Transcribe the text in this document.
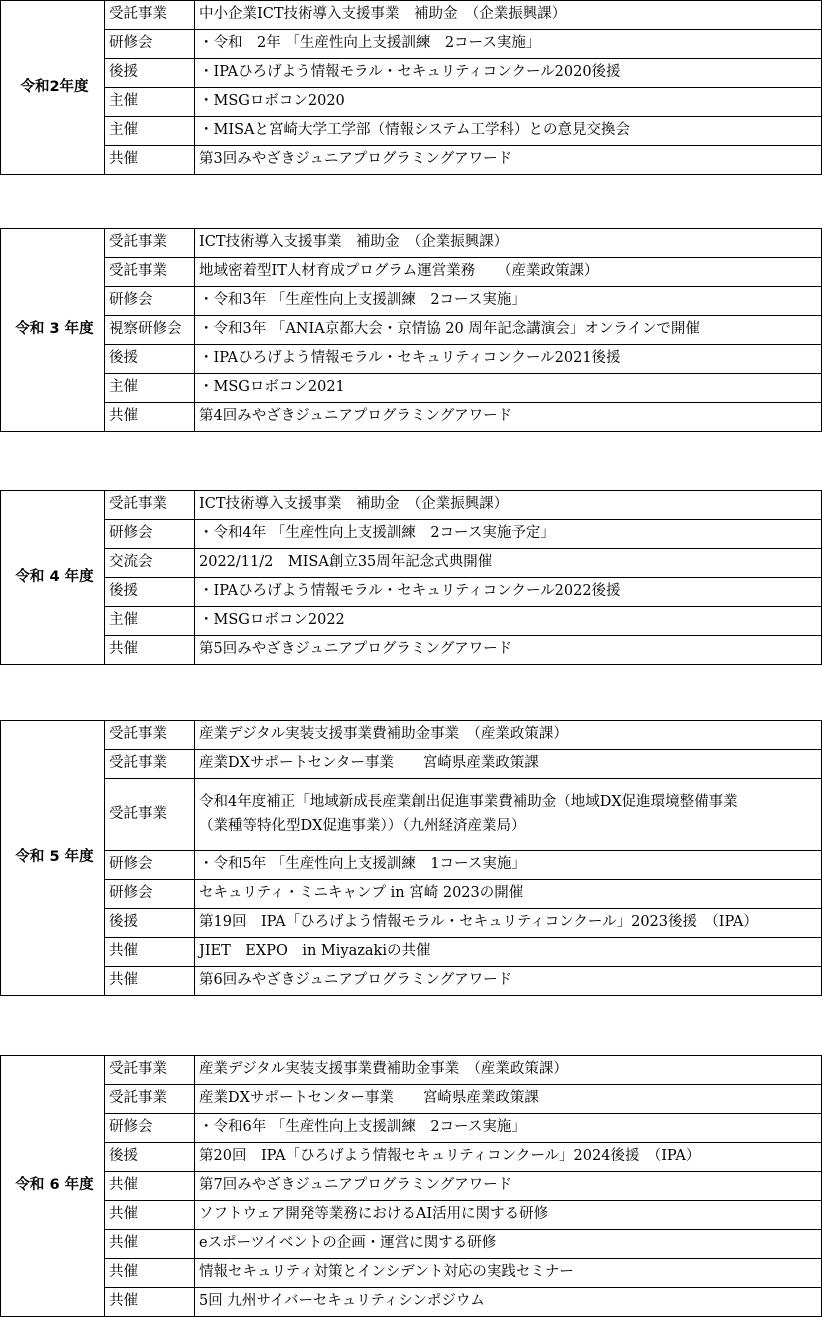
令和2年度	受託事業	中小企業ICT技術導入支援事業　補助金　（企業振興課）
	研修会	・令和　2年 「生産性向上支援訓練　2コース実施」
	後援	・IPAひろげよう情報モラル・セキュリティコンクール2020後援
	主催	・MSGロボコン2020
	主催	・MISAと宮崎大学工学部（情報システム工学科）との意見交換会
	共催	第3回みやざきジュニアプログラミングアワード
令和 3 年度	受託事業	ICT技術導入支援事業　補助金　（企業振興課）
	受託事業	地域密着型IT人材育成プログラム運営業務　　（産業政策課）
	研修会	・令和3年 「生産性向上支援訓練　2コース実施」
	視察研修会	・令和3年 「ANIA京都大会・京情協 20 周年記念講演会」オンラインで開催
	後援	・IPAひろげよう情報モラル・セキュリティコンクール2021後援
	主催	・MSGロボコン2021
	共催	第4回みやざきジュニアプログラミングアワード
令和 4 年度	受託事業	ICT技術導入支援事業　補助金　（企業振興課）
	研修会	・令和4年 「生産性向上支援訓練　2コース実施予定」
	交流会	2022/11/2　MISA創立35周年記念式典開催
	後援	・IPAひろげよう情報モラル・セキュリティコンクール2022後援
	主催	・MSGロボコン2022
	共催	第5回みやざきジュニアプログラミングアワード
令和 5 年度	受託事業	産業デジタル実装支援事業費補助金事業　（産業政策課）
	受託事業	産業DXサポートセンター事業　　宮崎県産業政策課
	受託事業	令和4年度補正「地域新成長産業創出促進事業費補助金（地域DX促進環境整備事業
（業種等特化型DX促進事業））（九州経済産業局）

	研修会	・令和5年 「生産性向上支援訓練　1コース実施」
	研修会	セキュリティ・ミニキャンプ in 宮崎 2023の開催
	後援	第19回　IPA「ひろげよう情報モラル・セキュリティコンクール」2023後援　（IPA）
	共催	JIET　EXPO　in Miyazakiの共催
	共催	第6回みやざきジュニアプログラミングアワード
令和 6 年度	受託事業	産業デジタル実装支援事業費補助金事業　（産業政策課）
	受託事業	産業DXサポートセンター事業　　宮崎県産業政策課
	研修会	・令和6年 「生産性向上支援訓練　2コース実施」
	後援	第20回　IPA「ひろげよう情報セキュリティコンクール」2024後援　（IPA）
	共催	第7回みやざきジュニアプログラミングアワード
	共催	ソフトウェア開発等業務におけるAI活用に関する研修
	共催	eスポーツイベントの企画・運営に関する研修
	共催	情報セキュリティ対策とインシデント対応の実践セミナー
	共催	5回 九州サイバーセキュリティシンポジウム
